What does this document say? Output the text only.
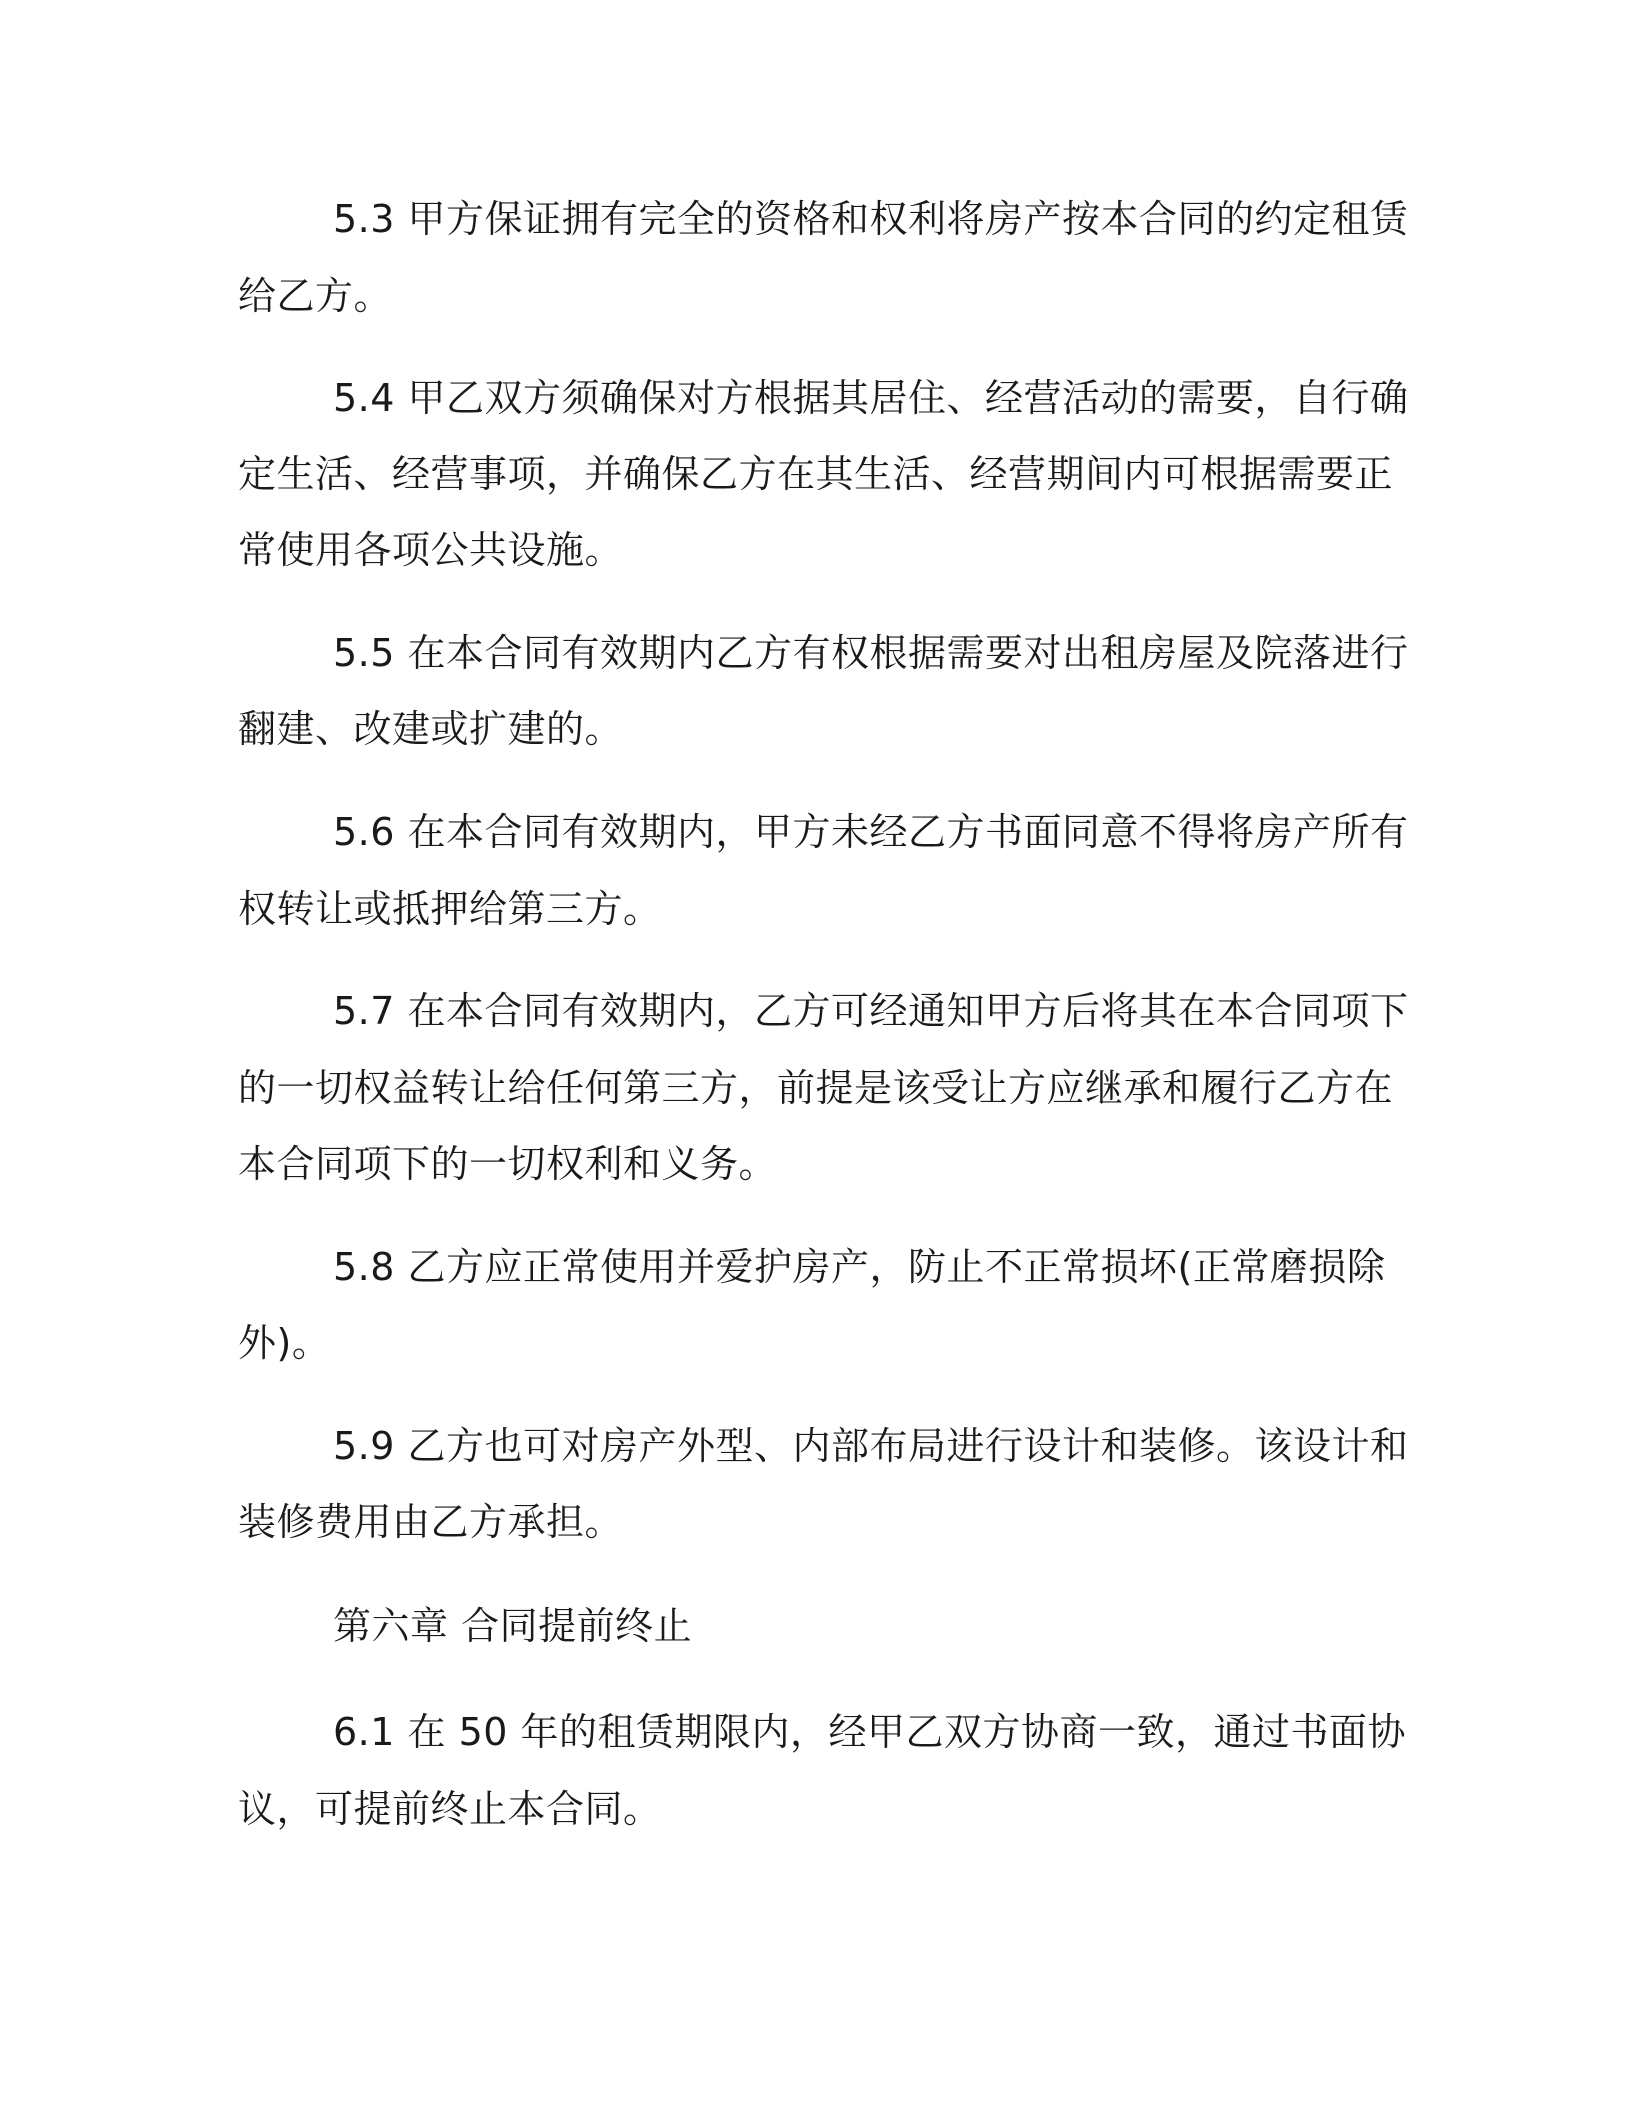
5.3 甲方保证拥有完全的资格和权利将房产按本合同的约定租赁
给乙方。
5.4 甲乙双方须确保对方根据其居住、经营活动的需要，自行确
定生活、经营事项，并确保乙方在其生活、经营期间内可根据需要正
常使用各项公共设施。
5.5 在本合同有效期内乙方有权根据需要对出租房屋及院落进行
翻建、改建或扩建的。
5.6 在本合同有效期内，甲方未经乙方书面同意不得将房产所有
权转让或抵押给第三方。
5.7 在本合同有效期内，乙方可经通知甲方后将其在本合同项下
的一切权益转让给任何第三方，前提是该受让方应继承和履行乙方在
本合同项下的一切权利和义务。
5.8 乙方应正常使用并爱护房产，防止不正常损坏(正常磨损除
外)。
5.9 乙方也可对房产外型、内部布局进行设计和装修。该设计和
装修费用由乙方承担。
第六章 合同提前终止
6.1 在 50 年的租赁期限内，经甲乙双方协商一致，通过书面协
议，可提前终止本合同。
